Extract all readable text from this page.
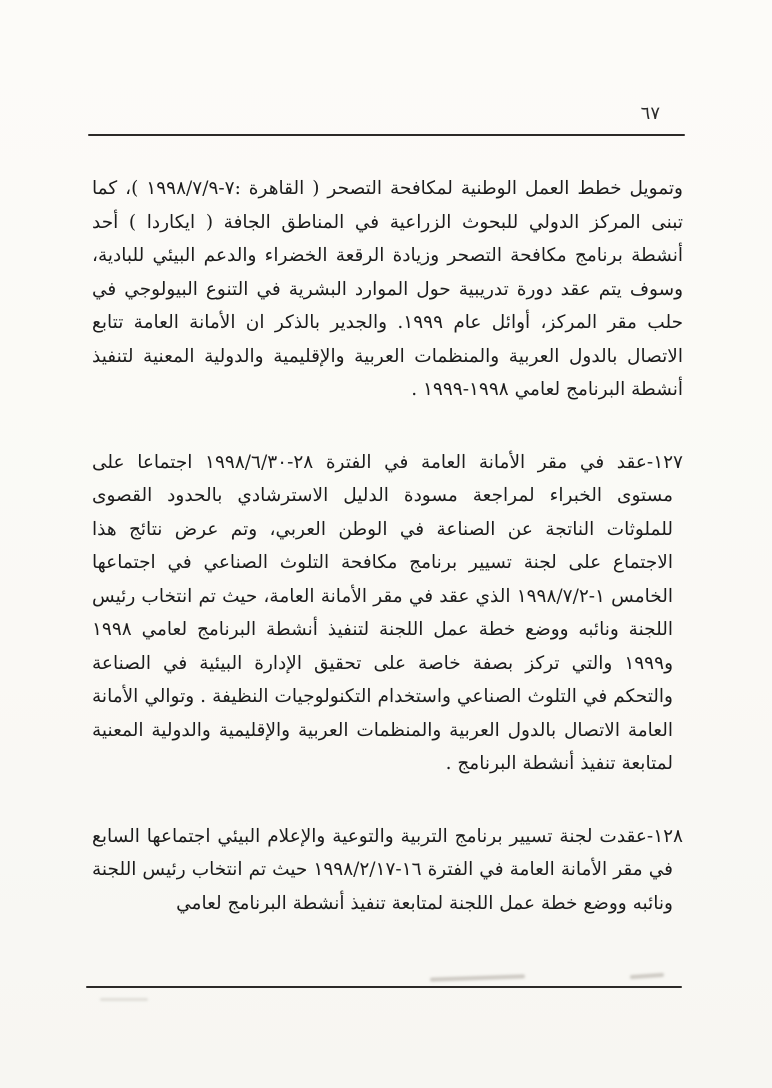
٦٧

وتمويل خطط العمل الوطنية لمكافحة التصحر ( القاهرة :٧-١٩٩٨/٧/٩ )، كما تبنى المركز الدولي للبحوث الزراعية في المناطق الجافة ( ايكاردا ) أحد أنشطة برنامج مكافحة التصحر وزيادة الرقعة الخضراء والدعم البيئي للبادية، وسوف يتم عقد دورة تدريبية حول الموارد البشرية في التنوع البيولوجي في حلب مقر المركز، أوائل عام ١٩٩٩. والجدير بالذكر ان الأمانة العامة تتابع الاتصال بالدول العربية والمنظمات العربية والإقليمية والدولية المعنية لتنفيذ أنشطة البرنامج لعامي ١٩٩٨-١٩٩٩ .

١٢٧-عقد في مقر الأمانة العامة في الفترة ٢٨-١٩٩٨/٦/٣٠ اجتماعا على مستوى الخبراء لمراجعة مسودة الدليل الاسترشادي بالحدود القصوى للملوثات الناتجة عن الصناعة في الوطن العربي، وتم عرض نتائج هذا الاجتماع على لجنة تسيير برنامج مكافحة التلوث الصناعي في اجتماعها الخامس ١-١٩٩٨/٧/٢ الذي عقد في مقر الأمانة العامة، حيث تم انتخاب رئيس اللجنة ونائبه ووضع خطة عمل اللجنة لتنفيذ أنشطة البرنامج لعامي ١٩٩٨ و١٩٩٩ والتي تركز بصفة خاصة على تحقيق الإدارة البيئية في الصناعة والتحكم في التلوث الصناعي واستخدام التكنولوجيات النظيفة . وتوالي الأمانة العامة الاتصال بالدول العربية والمنظمات العربية والإقليمية والدولية المعنية لمتابعة تنفيذ أنشطة البرنامج .

١٢٨-عقدت لجنة تسيير برنامج التربية والتوعية والإعلام البيئي اجتماعها السابع في مقر الأمانة العامة في الفترة ١٦-١٩٩٨/٢/١٧ حيث تم انتخاب رئيس اللجنة ونائبه ووضع خطة عمل اللجنة لمتابعة تنفيذ أنشطة البرنامج لعامي
